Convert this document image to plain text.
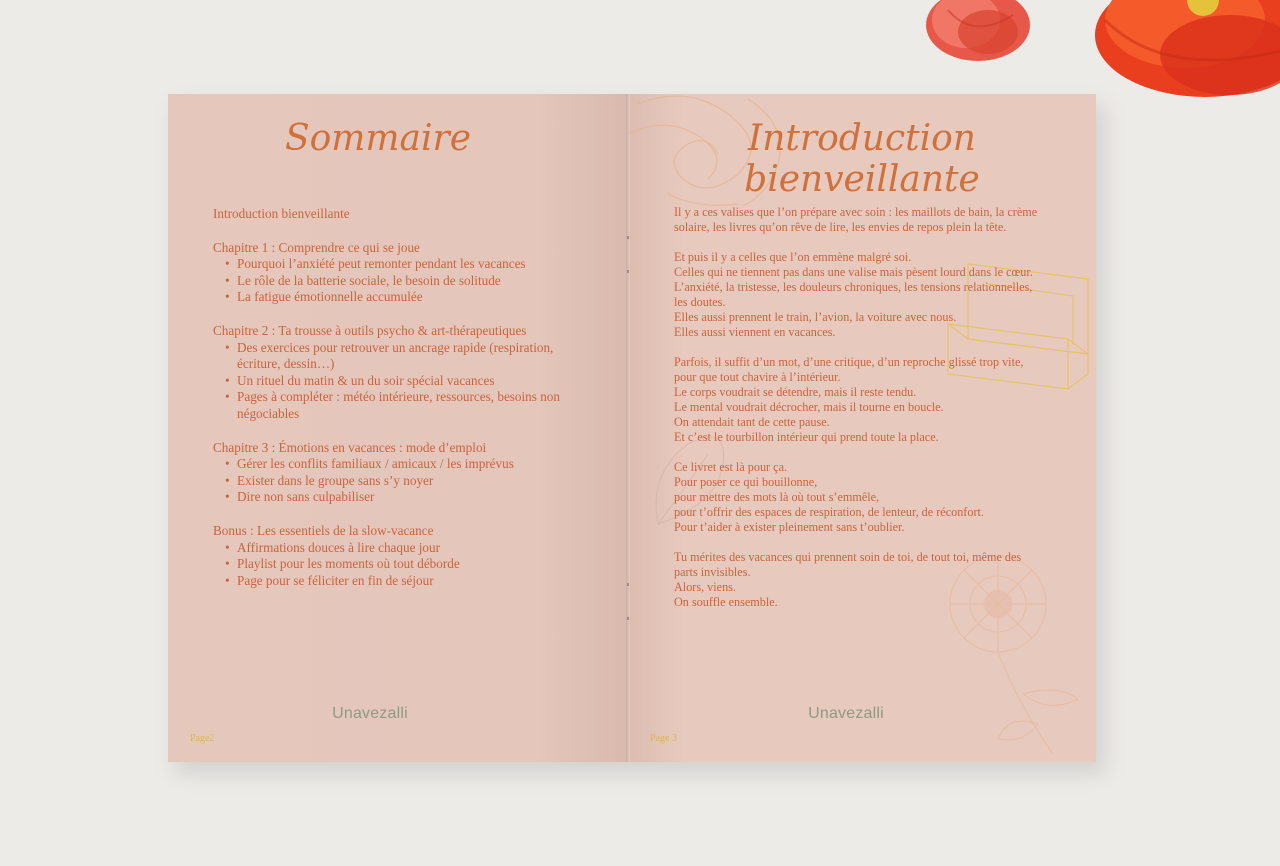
Sommaire
Introduction bienveillante
Chapitre 1 : Comprendre ce qui se joue
• Pourquoi l’anxiété peut remonter pendant les vacances
• Le rôle de la batterie sociale, le besoin de solitude
• La fatigue émotionnelle accumulée
Chapitre 2 : Ta trousse à outils psycho & art-thérapeutiques
• Des exercices pour retrouver un ancrage rapide (respiration, écriture, dessin…)
• Un rituel du matin & un du soir spécial vacances
• Pages à compléter : météo intérieure, ressources, besoins non négociables
Chapitre 3 : Émotions en vacances : mode d’emploi
• Gérer les conflits familiaux / amicaux / les imprévus
• Exister dans le groupe sans s’y noyer
• Dire non sans culpabiliser
Bonus : Les essentiels de la slow-vacance
• Affirmations douces à lire chaque jour
• Playlist pour les moments où tout déborde
• Page pour se féliciter en fin de séjour
Unavezalli
Page2
Introduction bienveillante

Il y a ces valises que l’on prépare avec soin : les maillots de bain, la crème solaire, les livres qu’on rêve de lire, les envies de repos plein la tête.

Et puis il y a celles que l’on emmène malgré soi.
Celles qui ne tiennent pas dans une valise mais pèsent lourd dans le cœur.
L’anxiété, la tristesse, les douleurs chroniques, les tensions relationnelles, les doutes.
Elles aussi prennent le train, l’avion, la voiture avec nous.
Elles aussi viennent en vacances.

Parfois, il suffit d’un mot, d’une critique, d’un reproche glissé trop vite, pour que tout chavire à l’intérieur.
Le corps voudrait se détendre, mais il reste tendu.
Le mental voudrait décrocher, mais il tourne en boucle.
On attendait tant de cette pause.
Et c’est le tourbillon intérieur qui prend toute la place.

Ce livret est là pour ça.
Pour poser ce qui bouillonne,
pour mettre des mots là où tout s’emmêle,
pour t’offrir des espaces de respiration, de lenteur, de réconfort.
Pour t’aider à exister pleinement sans t’oublier.

Tu mérites des vacances qui prennent soin de toi, de tout toi, même des parts invisibles.
Alors, viens.
On souffle ensemble.

Unavezalli
Page 3
